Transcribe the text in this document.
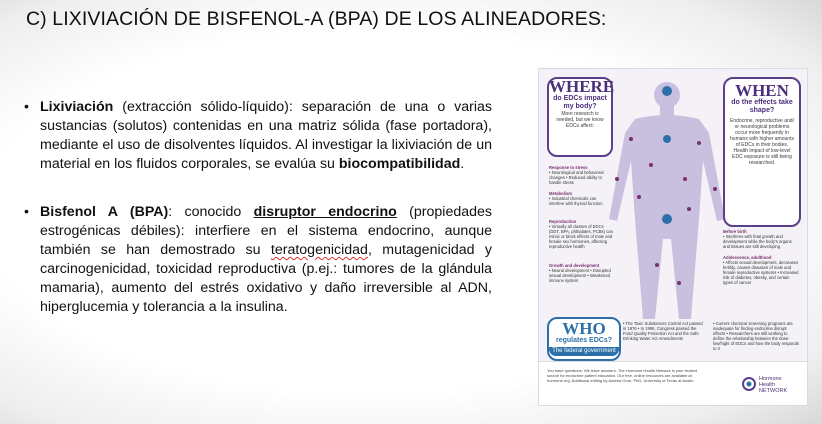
C) LIXIVIACIÓN DE BISFENOL-A (BPA) DE LOS ALINEADORES:
• Lixiviación (extracción sólido-líquido): separación de una o varias sustancias (solutos) contenidas en una matriz sólida (fase portadora), mediante el uso de disolventes líquidos. Al investigar la lixiviación de un material en los fluidos corporales, se evalúa su biocompatibilidad.
• Bisfenol A (BPA): conocido disruptor endocrino (propiedades estrogénicas débiles): interfiere en el sistema endocrino, aunque también se han demostrado su teratogenicidad, mutagenicidad y carcinogenicidad, toxicidad reproductiva (p.ej.: tumores de la glándula mamaria), aumento del estrés oxidativo y daño irreversible al ADN, hiperglucemia y tolerancia a la insulina.
WHERE
do EDCs impact my body?
More research is needed, but we know EDCs affect:
WHEN
do the effects take shape?
Endocrine, reproductive and/ or neurological problems occur more frequently in humans with higher amounts of EDCs in their bodies. Health impact of low-level EDC exposure is still being researched.
Response to stress
• Neurological and behavioral changes • Reduced ability to handle stress
Metabolism
• Industrial chemicals can interfere with thyroid function
Reproduction
• Virtually all classes of EDCs (DDT, BPA, phthalates, PCBs) can mimic or block effects of male and female sex hormones, affecting reproductive health
Growth and development
• Neural development • Disrupted sexual development • Weakened immune system
Before birth
• Interferes with fetal growth and development while the body's organs and tissues are still developing
Adolescence, adulthood
• Affects sexual development, decreases fertility, causes diseases of male and female reproductive systems • Increased risk of diabetes, obesity, and certain types of cancer
WHO
regulates EDCs?
The federal government
• The Toxic Substances Control Act passed in 1976 • In 1996, Congress passed the Food Quality Protection Act and the Safe Drinking Water Act Amendments
• Current chemical screening programs are inadequate for finding endocrine disrupt effects • Researchers are still working to define the relationship between the dose-low/hight of EDCs and how the body responds to it
You have questions. We have answers. The Hormone Health Network is your trusted source for endocrine patient education. Our free, online resources are available at hormone.org. Additional editing by Andrea Gore, PhD, University of Texas at Austin	Hormone Health NETWORK
